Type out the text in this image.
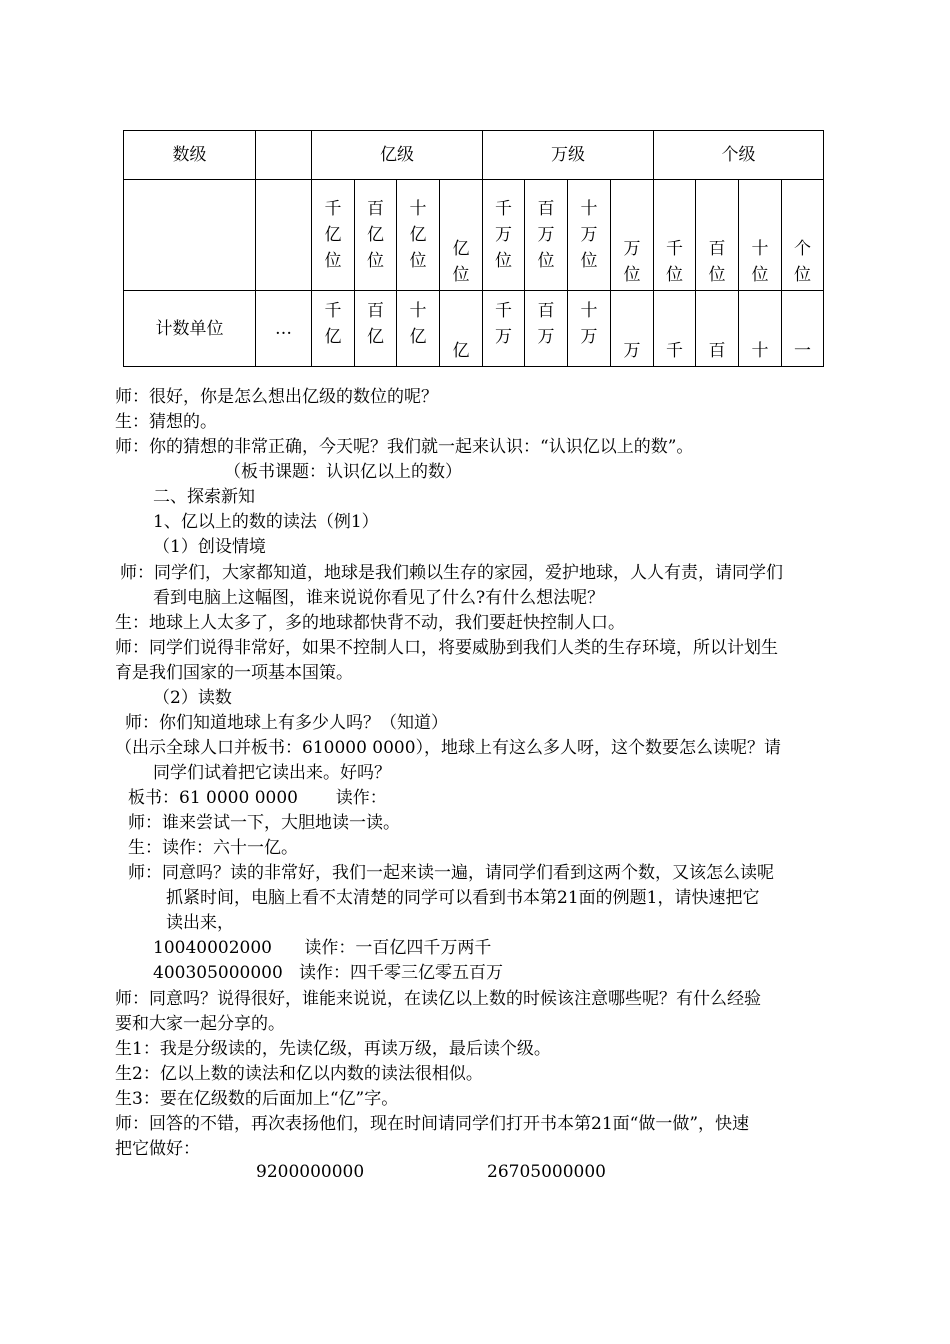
数级		亿级				万级				个级			
		千亿位	百亿位	十亿位	亿位	千万位	百万位	十万位	万位	千位	百位	十位	个位
计数单位	…	千亿	百亿	十亿	亿	千万	百万	十万	万	千	百	十	一
师：很好，你是怎么想出亿级的数位的呢？
生：猜想的。
师：你的猜想的非常正确，今天呢？我们就一起来认识：“认识亿以上的数”。
（板书课题：认识亿以上的数）
二、探索新知
1、亿以上的数的读法（例1）
（1）创设情境
师：同学们，大家都知道，地球是我们赖以生存的家园，爱护地球，人人有责，请同学们
看到电脑上这幅图，谁来说说你看见了什么?有什么想法呢？
生：地球上人太多了，多的地球都快背不动，我们要赶快控制人口。
师：同学们说得非常好，如果不控制人口，将要威胁到我们人类的生存环境，所以计划生
育是我们国家的一项基本国策。
（2）读数
师：你们知道地球上有多少人吗？（知道）
（出示全球人口并板书：610000 0000），地球上有这么多人呀，这个数要怎么读呢？请
同学们试着把它读出来。好吗？
板书：61 0000 0000       读作：
师：谁来尝试一下，大胆地读一读。
生：读作：六十一亿。
师：同意吗？读的非常好，我们一起来读一遍，请同学们看到这两个数，又该怎么读呢
抓紧时间，电脑上看不太清楚的同学可以看到书本第21面的例题1，请快速把它
读出来，
10040002000      读作：一百亿四千万两千
400305000000   读作：四千零三亿零五百万
师：同意吗？说得很好，谁能来说说，在读亿以上数的时候该注意哪些呢？有什么经验
要和大家一起分享的。
生1：我是分级读的，先读亿级，再读万级，最后读个级。
生2：亿以上数的读法和亿以内数的读法很相似。
生3：要在亿级数的后面加上“亿”字。
师：回答的不错，再次表扬他们，现在时间请同学们打开书本第21面“做一做”，快速
把它做好：
9200000000	26705000000
